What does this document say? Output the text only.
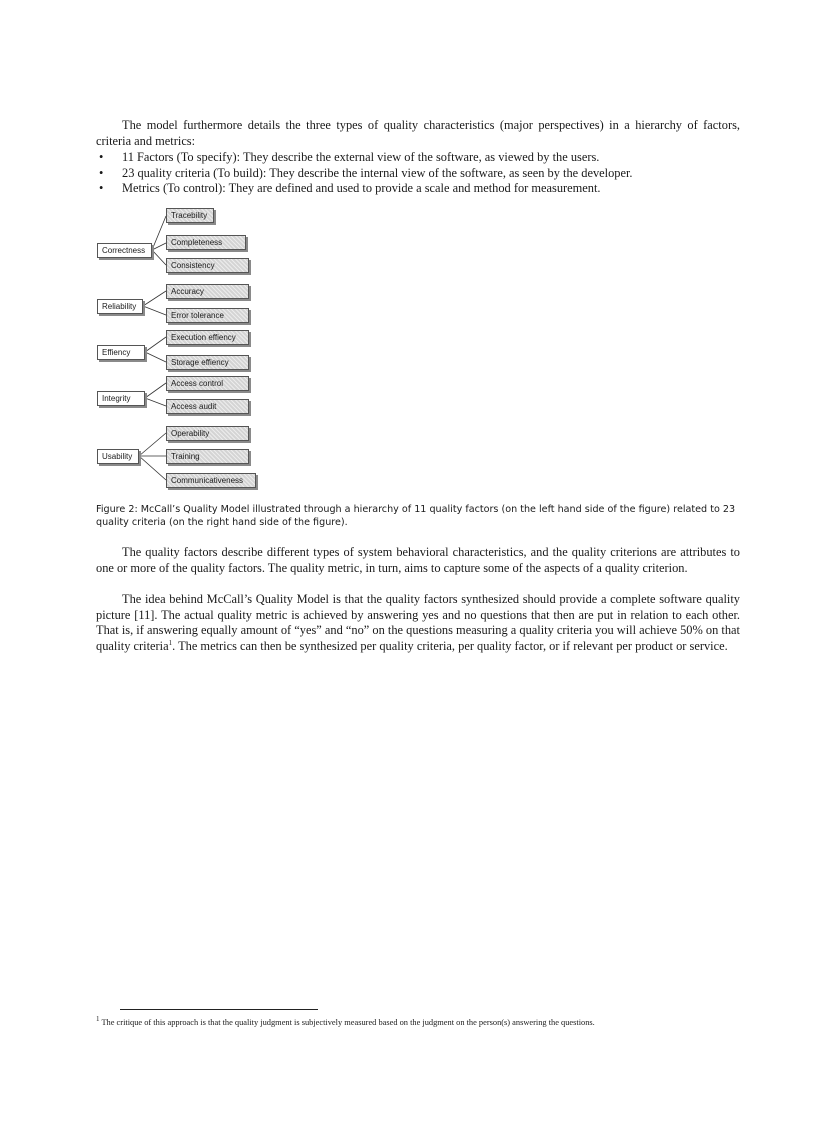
The model furthermore details the three types of quality characteristics (major perspectives) in a hierarchy of factors, criteria and metrics:

• 11 Factors (To specify): They describe the external view of the software, as viewed by the users.
• 23 quality criteria (To build): They describe the internal view of the software, as seen by the developer.
• Metrics (To control): They are defined and used to provide a scale and method for measurement.
Correctness
Reliability
Effiency
Integrity
Usability
Tracebility
Completeness
Consistency
Accuracy
Error tolerance
Execution effiency
Storage effiency
Access control
Access audit
Operability
Training
Communicativeness

Figure 2: McCall’s Quality Model illustrated through a hierarchy of 11 quality factors (on the left hand side of the figure) related to 23 quality criteria (on the right hand side of the figure).

The quality factors describe different types of system behavioral characteristics, and the quality criterions are attributes to one or more of the quality factors. The quality metric, in turn, aims to capture some of the aspects of a quality criterion.

The idea behind McCall’s Quality Model is that the quality factors synthesized should provide a complete software quality picture [11]. The actual quality metric is achieved by answering yes and no questions that then are put in relation to each other. That is, if answering equally amount of “yes” and “no” on the questions measuring a quality criteria you will achieve 50% on that quality criteria$^1$. The metrics can then be synthesized per quality criteria, per quality factor, or if relevant per product or service.

$^1$ The critique of this approach is that the quality judgment is subjectively measured based on the judgment on the person(s) answering the questions.
